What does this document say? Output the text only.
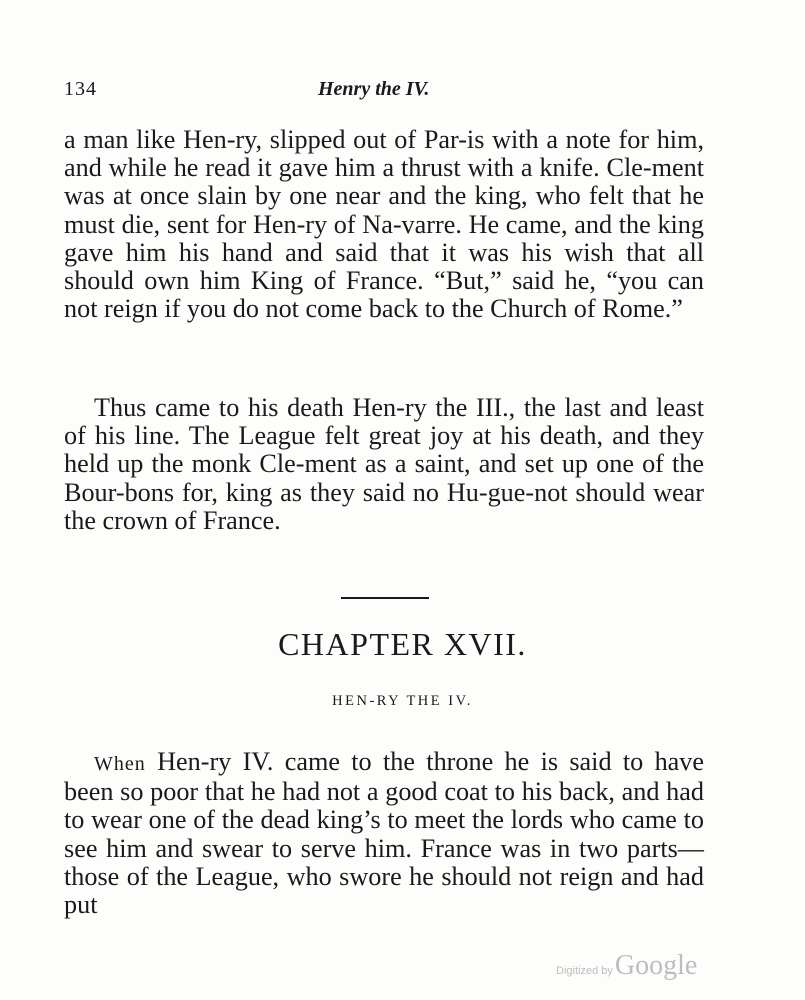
134	Henry the IV.

a man like Hen-ry, slipped out of Par-is with a note for him, and while he read it gave him a thrust with a knife. Cle-ment was at once slain by one near and the king, who felt that he must die, sent for Hen-ry of Na-varre. He came, and the king gave him his hand and said that it was his wish that all should own him King of France. “But,” said he, “you can not reign if you do not come back to the Church of Rome.”

Thus came to his death Hen-ry the III., the last and least of his line. The League felt great joy at his death, and they held up the monk Cle-ment as a saint, and set up one of the Bour-bons for, king as they said no Hu-gue-not should wear the crown of France.

CHAPTER XVII.
HEN-RY THE IV.

When Hen-ry IV. came to the throne he is said to have been so poor that he had not a good coat to his back, and had to wear one of the dead king’s to meet the lords who came to see him and swear to serve him. France was in two parts—those of the League, who swore he should not reign and had put

Digitized byGoogle
